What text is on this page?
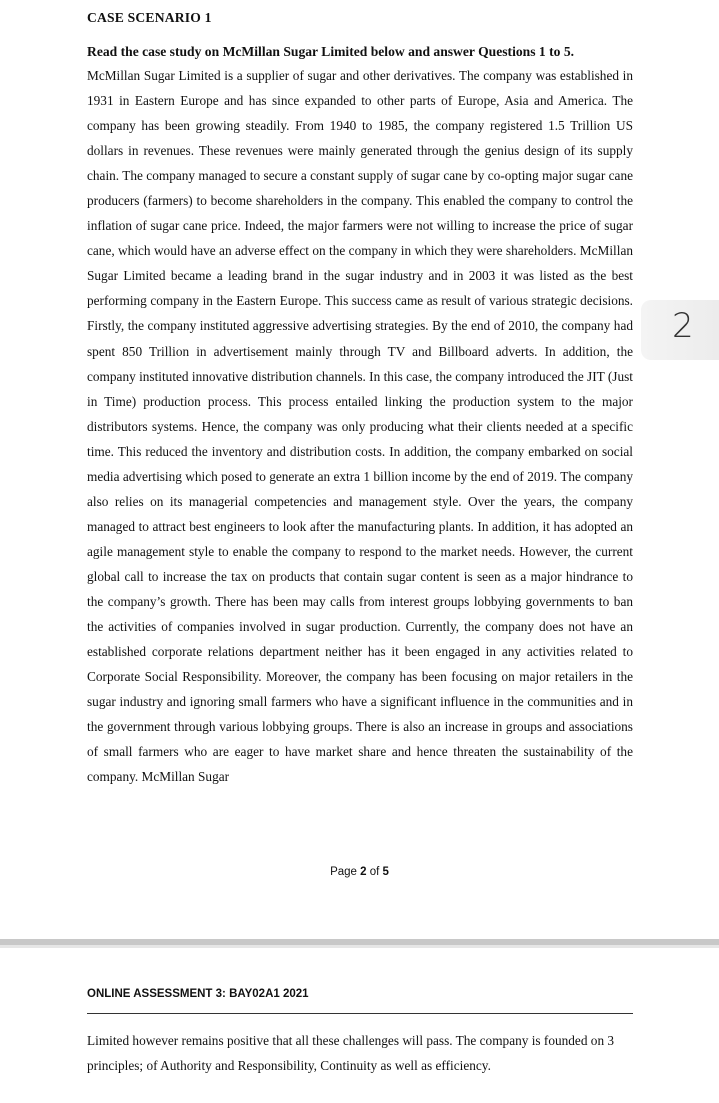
CASE SCENARIO 1
Read the case study on McMillan Sugar Limited below and answer Questions 1 to 5.

McMillan Sugar Limited is a supplier of sugar and other derivatives. The company was established in 1931 in Eastern Europe and has since expanded to other parts of Europe, Asia and America. The company has been growing steadily. From 1940 to 1985, the company registered 1.5 Trillion US dollars in revenues. These revenues were mainly generated through the genius design of its supply chain. The company managed to secure a constant supply of sugar cane by co-opting major sugar cane producers (farmers) to become shareholders in the company. This enabled the company to control the inflation of sugar cane price. Indeed, the major farmers were not willing to increase the price of sugar cane, which would have an adverse effect on the company in which they were shareholders. McMillan Sugar Limited became a leading brand in the sugar industry and in 2003 it was listed as the best performing company in the Eastern Europe. This success came as result of various strategic decisions. Firstly, the company instituted aggressive advertising strategies. By the end of 2010, the company had spent 850 Trillion in advertisement mainly through TV and Billboard adverts. In addition, the company instituted innovative distribution channels. In this case, the company introduced the JIT (Just in Time) production process. This process entailed linking the production system to the major distributors systems. Hence, the company was only producing what their clients needed at a specific time. This reduced the inventory and distribution costs. In addition, the company embarked on social media advertising which posed to generate an extra 1 billion income by the end of 2019. The company also relies on its managerial competencies and management style. Over the years, the company managed to attract best engineers to look after the manufacturing plants. In addition, it has adopted an agile management style to enable the company to respond to the market needs. However, the current global call to increase the tax on products that contain sugar content is seen as a major hindrance to the company’s growth. There has been may calls from interest groups lobbying governments to ban the activities of companies involved in sugar production. Currently, the company does not have an established corporate relations department neither has it been engaged in any activities related to Corporate Social Responsibility. Moreover, the company has been focusing on major retailers in the sugar industry and ignoring small farmers who have a significant influence in the communities and in the government through various lobbying groups. There is also an increase in groups and associations of small farmers who are eager to have market share and hence threaten the sustainability of the company. McMillan Sugar

2
Page 2 of 5
ONLINE ASSESSMENT 3: BAY02A1 2021

Limited however remains positive that all these challenges will pass. The company is founded on 3 principles; of Authority and Responsibility, Continuity as well as efficiency.
